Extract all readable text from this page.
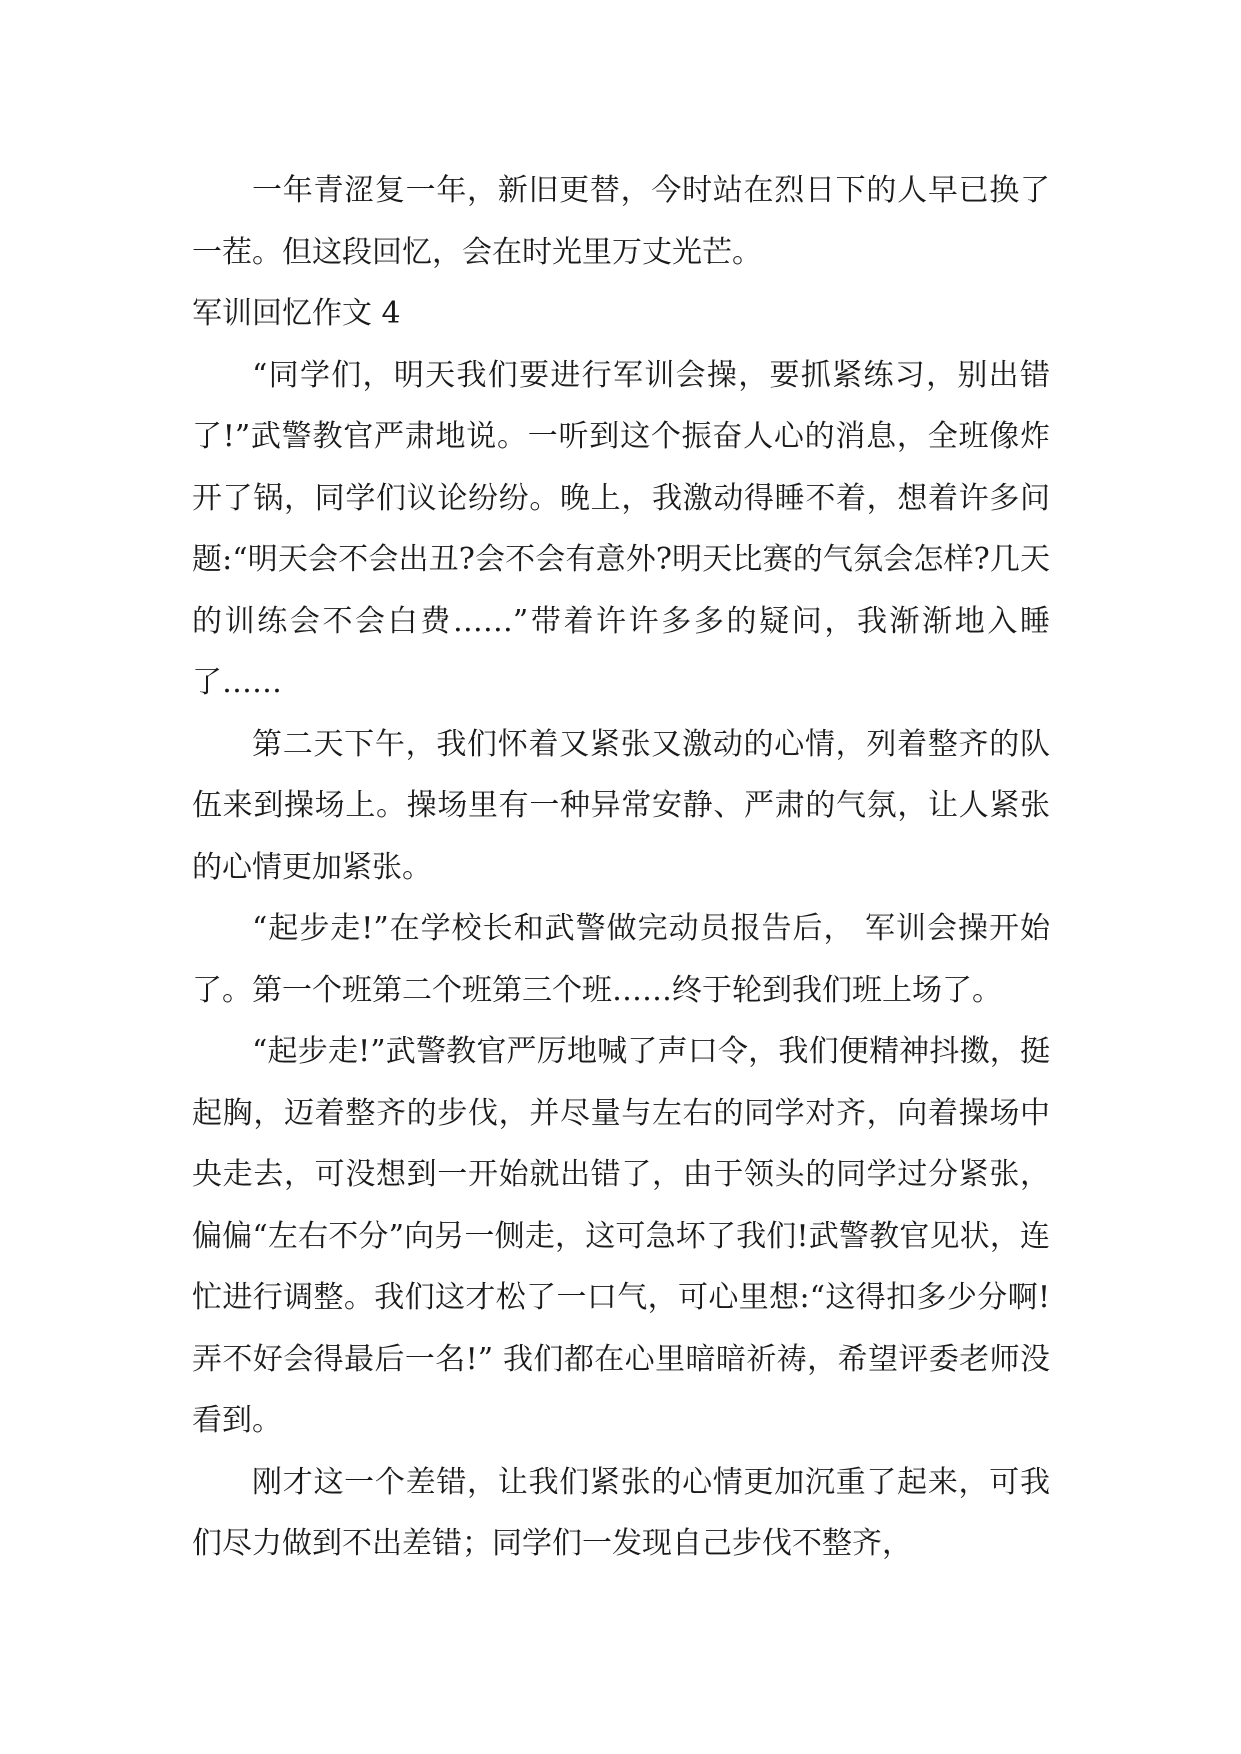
一年青涩复一年，新旧更替，今时站在烈日下的人早已换了一茬。但这段回忆，会在时光里万丈光芒。

军训回忆作文 4

“同学们，明天我们要进行军训会操，要抓紧练习，别出错了!”武警教官严肃地说。一听到这个振奋人心的消息，全班像炸开了锅，同学们议论纷纷。晚上，我激动得睡不着，想着许多问题:“明天会不会出丑?会不会有意外?明天比赛的气氛会怎样?几天的训练会不会白费……”带着许许多多的疑问，我渐渐地入睡了……

第二天下午，我们怀着又紧张又激动的心情，列着整齐的队伍来到操场上。操场里有一种异常安静、严肃的气氛，让人紧张的心情更加紧张。

“起步走!”在学校长和武警做完动员报告后， 军训会操开始了。第一个班第二个班第三个班……终于轮到我们班上场了。

“起步走!”武警教官严厉地喊了声口令，我们便精神抖擞，挺起胸，迈着整齐的步伐，并尽量与左右的同学对齐，向着操场中央走去，可没想到一开始就出错了，由于领头的同学过分紧张，偏偏“左右不分”向另一侧走，这可急坏了我们!武警教官见状，连忙进行调整。我们这才松了一口气，可心里想:“这得扣多少分啊!弄不好会得最后一名!” 我们都在心里暗暗祈祷，希望评委老师没看到。

刚才这一个差错，让我们紧张的心情更加沉重了起来，可我们尽力做到不出差错；同学们一发现自己步伐不整齐，
